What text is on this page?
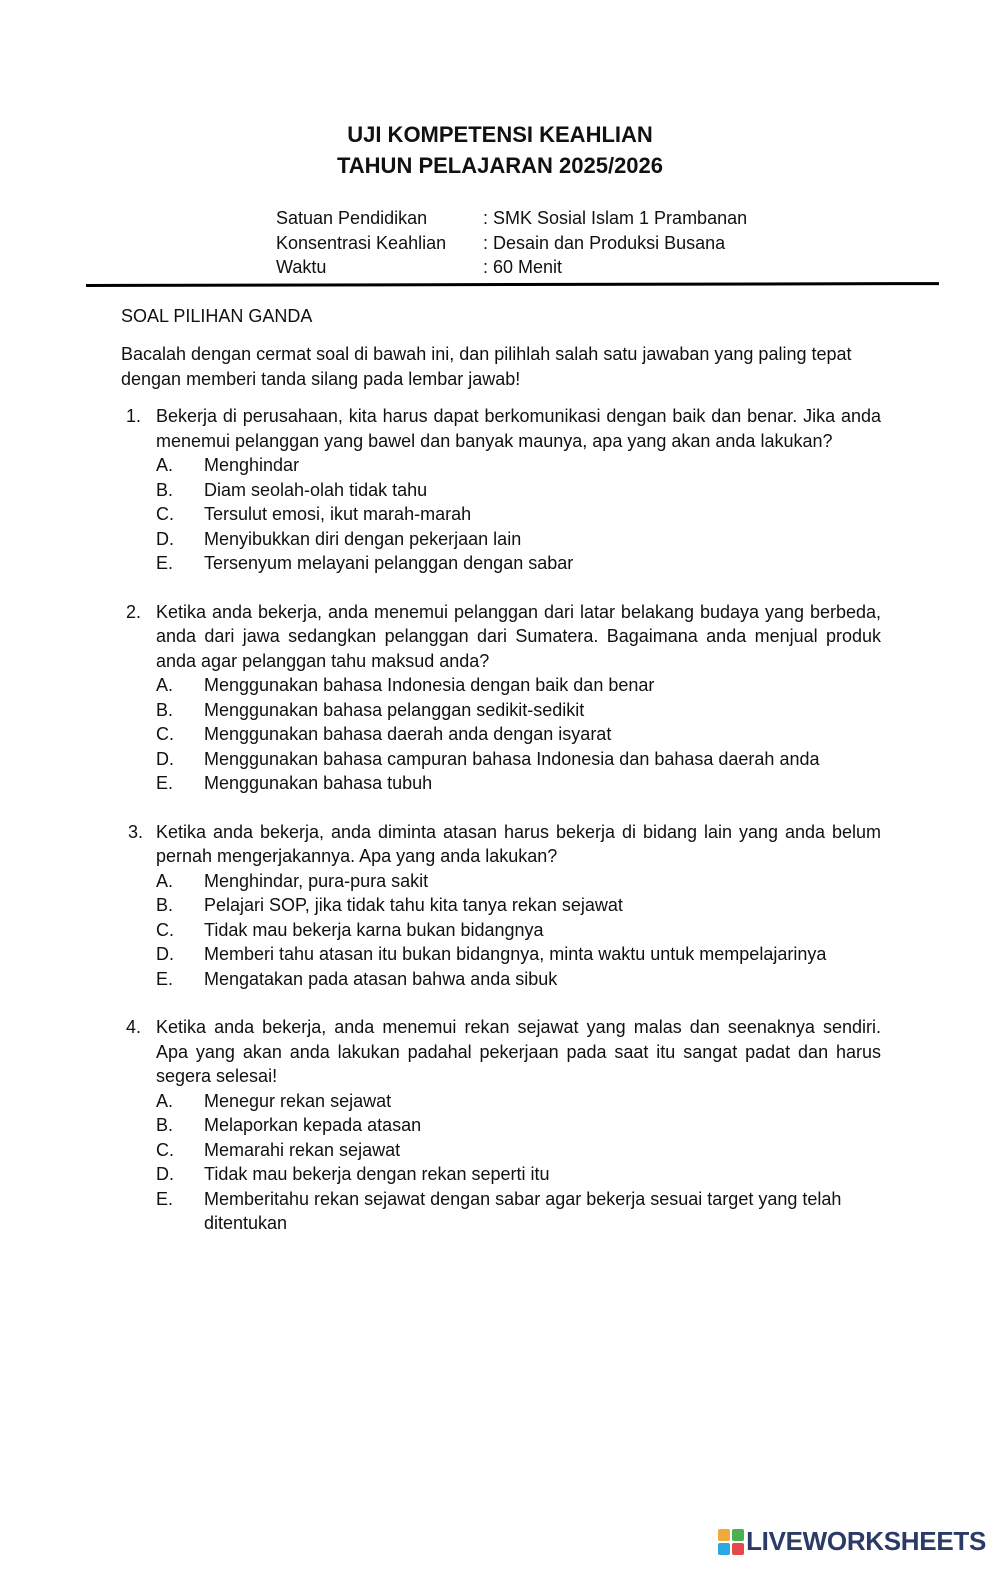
UJI KOMPETENSI KEAHLIAN
TAHUN PELAJARAN 2025/2026
Satuan Pendidikan	: SMK Sosial Islam 1 Prambanan
Konsentrasi Keahlian	: Desain dan Produksi Busana
Waktu	: 60 Menit
SOAL PILIHAN GANDA
Bacalah dengan cermat soal di bawah ini, dan pilihlah salah satu jawaban yang paling tepat dengan memberi tanda silang pada lembar jawab!
1. Bekerja di perusahaan, kita harus dapat berkomunikasi dengan baik dan benar. Jika anda menemui pelanggan yang bawel dan banyak maunya, apa yang akan anda lakukan?
A.	Menghindar
B.	Diam seolah-olah tidak tahu
C.	Tersulut emosi, ikut marah-marah
D.	Menyibukkan diri dengan pekerjaan lain
E.	Tersenyum melayani pelanggan dengan sabar
2. Ketika anda bekerja, anda menemui pelanggan dari latar belakang budaya yang berbeda, anda dari jawa sedangkan pelanggan dari Sumatera. Bagaimana anda menjual produk anda agar pelanggan tahu maksud anda?
A.	Menggunakan bahasa Indonesia dengan baik dan benar
B.	Menggunakan bahasa pelanggan sedikit-sedikit
C.	Menggunakan bahasa daerah anda dengan isyarat
D.	Menggunakan bahasa campuran bahasa Indonesia dan bahasa daerah anda
E.	Menggunakan bahasa tubuh
3. Ketika anda bekerja, anda diminta atasan harus bekerja di bidang lain yang anda belum pernah mengerjakannya. Apa yang anda lakukan?
A.	Menghindar, pura-pura sakit
B.	Pelajari SOP, jika tidak tahu kita tanya rekan sejawat
C.	Tidak mau bekerja karna bukan bidangnya
D.	Memberi tahu atasan itu bukan bidangnya, minta waktu untuk mempelajarinya
E.	Mengatakan pada atasan bahwa anda sibuk
4. Ketika anda bekerja, anda menemui rekan sejawat yang malas dan seenaknya sendiri. Apa yang akan anda lakukan padahal pekerjaan pada saat itu sangat padat dan harus segera selesai!
A.	Menegur rekan sejawat
B.	Melaporkan kepada atasan
C.	Memarahi rekan sejawat
D.	Tidak mau bekerja dengan rekan seperti itu
E.	Memberitahu rekan sejawat dengan sabar agar bekerja sesuai target yang telah ditentukan
LIVEWORKSHEETS
